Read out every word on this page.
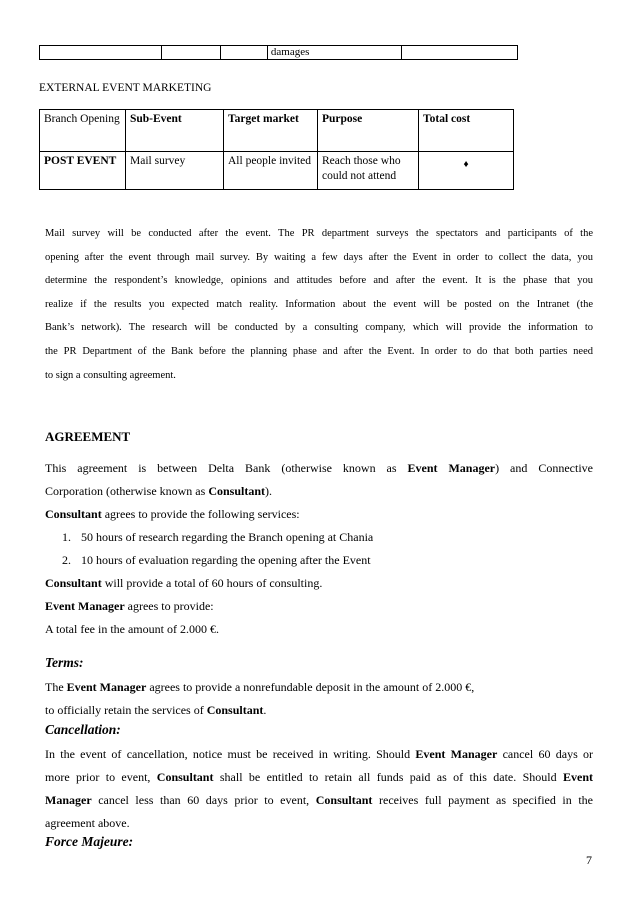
			damages	
EXTERNAL EVENT MARKETING
Branch Opening	Sub-Event	Target market	Purpose	Total cost
POST EVENT	Mail survey	All people invited	Reach those who could not attend	♦
Mail survey will be conducted after the event. The PR department surveys the spectators and participants of the
opening after the event through mail survey. By waiting a few days after the Event in order to collect the data, you
determine the respondent’s knowledge, opinions and attitudes before and after the event. It is the phase that you
realize if the results you expected match reality. Information about the event will be posted on the Intranet (the
Bank’s network). The research will be conducted by a consulting company, which will provide the information to
the PR Department of the Bank before the planning phase and after the Event. In order to do that both parties need
to sign a consulting agreement.
AGREEMENT
This agreement is between Delta Bank (otherwise known as Event Manager) and Connective
Corporation (otherwise known as Consultant).
Consultant agrees to provide the following services:
1. 50 hours of research regarding the Branch opening at Chania
2. 10 hours of evaluation regarding the opening after the Event
Consultant will provide a total of 60 hours of consulting.
Event Manager agrees to provide:
A total fee in the amount of 2.000 €.
Terms:
The Event Manager agrees to provide a nonrefundable deposit in the amount of 2.000 €,
to officially retain the services of Consultant.
Cancellation:
In the event of cancellation, notice must be received in writing. Should Event Manager cancel 60 days or
more prior to event, Consultant shall be entitled to retain all funds paid as of this date. Should Event
Manager cancel less than 60 days prior to event, Consultant receives full payment as specified in the
agreement above.
Force Majeure:
7
